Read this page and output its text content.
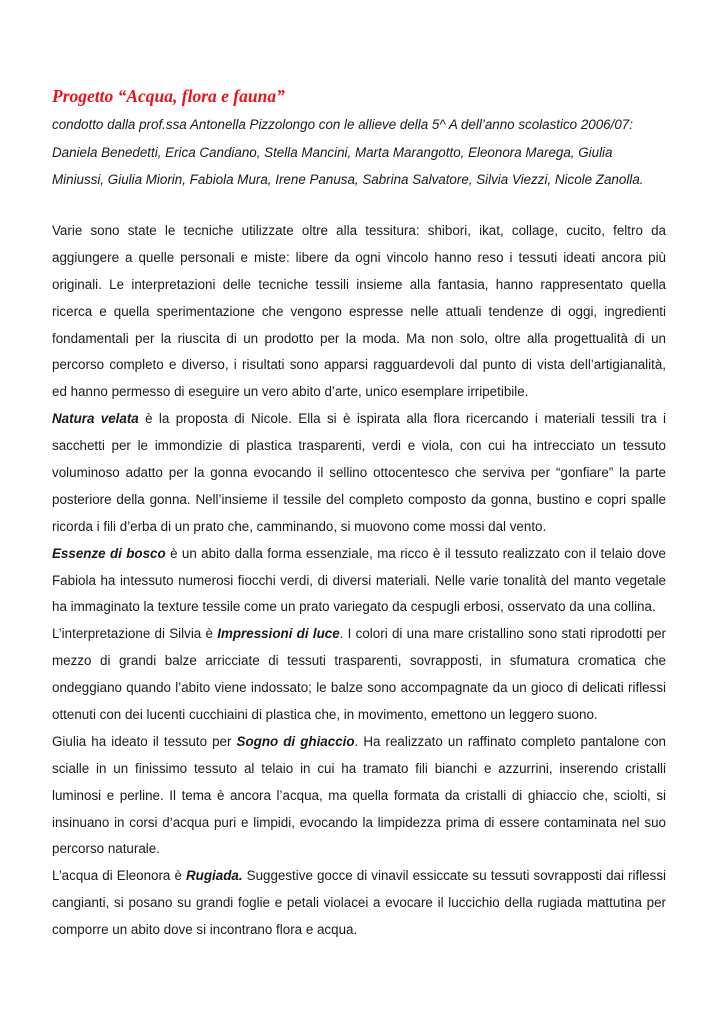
Progetto “Acqua, flora e fauna”
condotto dalla prof.ssa Antonella Pizzolongo con le allieve della 5^ A dell’anno scolastico 2006/07:
Daniela Benedetti, Erica Candiano, Stella Mancini, Marta Marangotto, Eleonora Marega, Giulia
Miniussi, Giulia Miorin, Fabiola Mura, Irene Panusa, Sabrina Salvatore, Silvia Viezzi, Nicole Zanolla.
Varie sono state le tecniche utilizzate oltre alla tessitura: shibori, ikat, collage, cucito, feltro da
aggiungere a quelle personali e miste: libere da ogni vincolo hanno reso i tessuti ideati ancora più
originali. Le interpretazioni delle tecniche tessili insieme alla fantasia, hanno rappresentato quella
ricerca e quella sperimentazione che vengono espresse nelle attuali tendenze di oggi, ingredienti
fondamentali per la riuscita di un prodotto per la moda. Ma non solo, oltre alla progettualità di un
percorso completo e diverso, i risultati sono apparsi ragguardevoli dal punto di vista dell’artigianalità,
ed hanno permesso di eseguire un vero abito d’arte, unico esemplare irripetibile.
Natura velata è la proposta di Nicole. Ella si è ispirata alla flora ricercando i materiali tessili tra i
sacchetti per le immondizie di plastica trasparenti, verdi e viola, con cui ha intrecciato un tessuto
voluminoso adatto per la gonna evocando il sellino ottocentesco che serviva per “gonfiare” la parte
posteriore della gonna. Nell’insieme il tessile del completo composto da gonna, bustino e copri spalle
ricorda i fili d’erba di un prato che, camminando, si muovono come mossi dal vento.
Essenze di bosco è un abito dalla forma essenziale, ma ricco è il tessuto realizzato con il telaio dove
Fabiola ha intessuto numerosi fiocchi verdi, di diversi materiali. Nelle varie tonalità del manto vegetale
ha immaginato la texture tessile come un prato variegato da cespugli erbosi, osservato da una collina.
L’interpretazione di Silvia è Impressioni di luce. I colori di una mare cristallino sono stati riprodotti per
mezzo di grandi balze arricciate di tessuti trasparenti, sovrapposti, in sfumatura cromatica che
ondeggiano quando l’abito viene indossato; le balze sono accompagnate da un gioco di delicati riflessi
ottenuti con dei lucenti cucchiaini di plastica che, in movimento, emettono un leggero suono.
Giulia ha ideato il tessuto per Sogno di ghiaccio. Ha realizzato un raffinato completo pantalone con
scialle in un finissimo tessuto al telaio in cui ha tramato fili bianchi e azzurrini, inserendo cristalli
luminosi e perline. Il tema è ancora l’acqua, ma quella formata da cristalli di ghiaccio che, sciolti, si
insinuano in corsi d’acqua puri e limpidi, evocando la limpidezza prima di essere contaminata nel suo
percorso naturale.
L’acqua di Eleonora è Rugiada. Suggestive gocce di vinavil essiccate su tessuti sovrapposti dai riflessi
cangianti, si posano su grandi foglie e petali violacei a evocare il luccichio della rugiada mattutina per
comporre un abito dove si incontrano flora e acqua.
